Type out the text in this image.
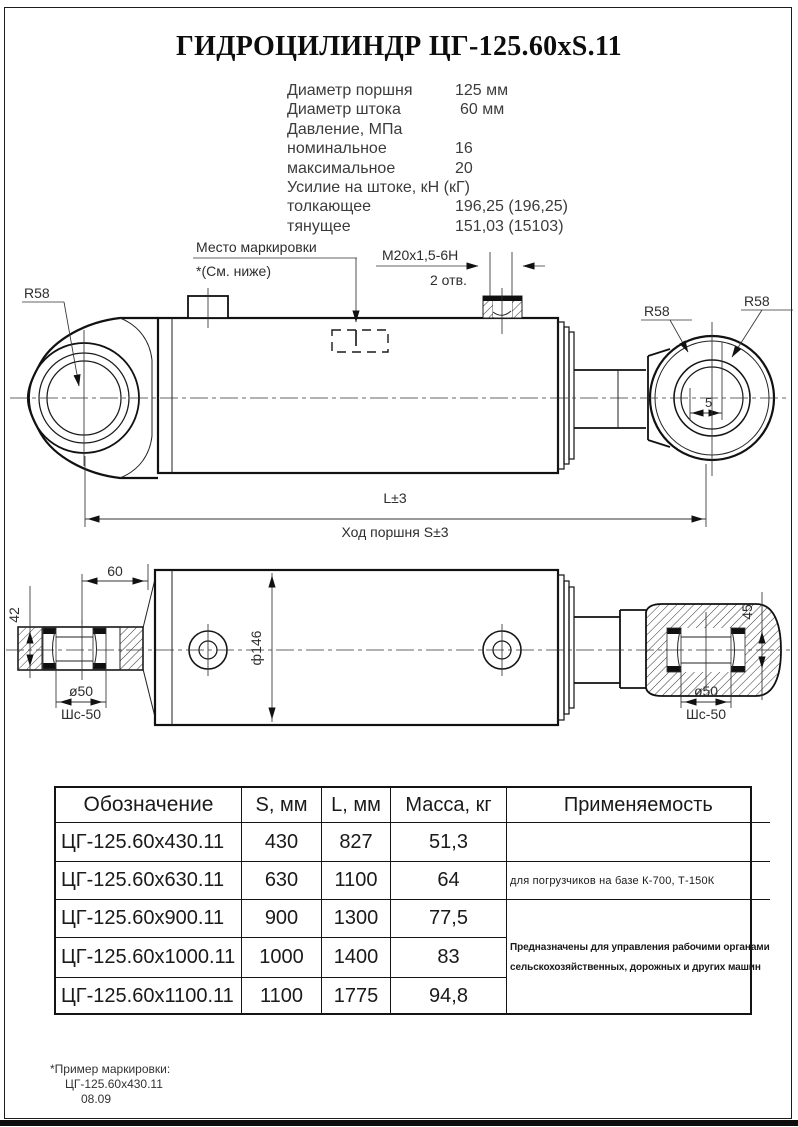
ГИДРОЦИЛИНДР ЦГ-125.60хS.11
Диаметр поршня	125 мм
Диаметр штока	60 мм
Давление, МПа
номинальное	16
максимальное	20
Усилие на штоке, кН (кГ)
толкающее	196,25 (196,25)
тянущее	151,03 (15103)
Место маркировки
*(См. ниже)
M20x1,5-6H
2 отв.
R58
R58
R58
5
L±3
Ход поршня S±3
42
60
ø50
Шс-50
ф146
ø50
Шс-50
45
Обозначение	S, мм	L, мм	Масса, кг	Применяемость
ЦГ-125.60х430.11	430	827	51,3
ЦГ-125.60х630.11	630	1100	64	для погрузчиков на базе К-700, Т-150К
ЦГ-125.60х900.11	900	1300	77,5
ЦГ-125.60х1000.11	1000	1400	83
ЦГ-125.60х1100.11	1100	1775	94,8
Предназначены для управления рабочими органами
сельскохозяйственных, дорожных и других машин
*Пример маркировки:
ЦГ-125.60х430.11
08.09
